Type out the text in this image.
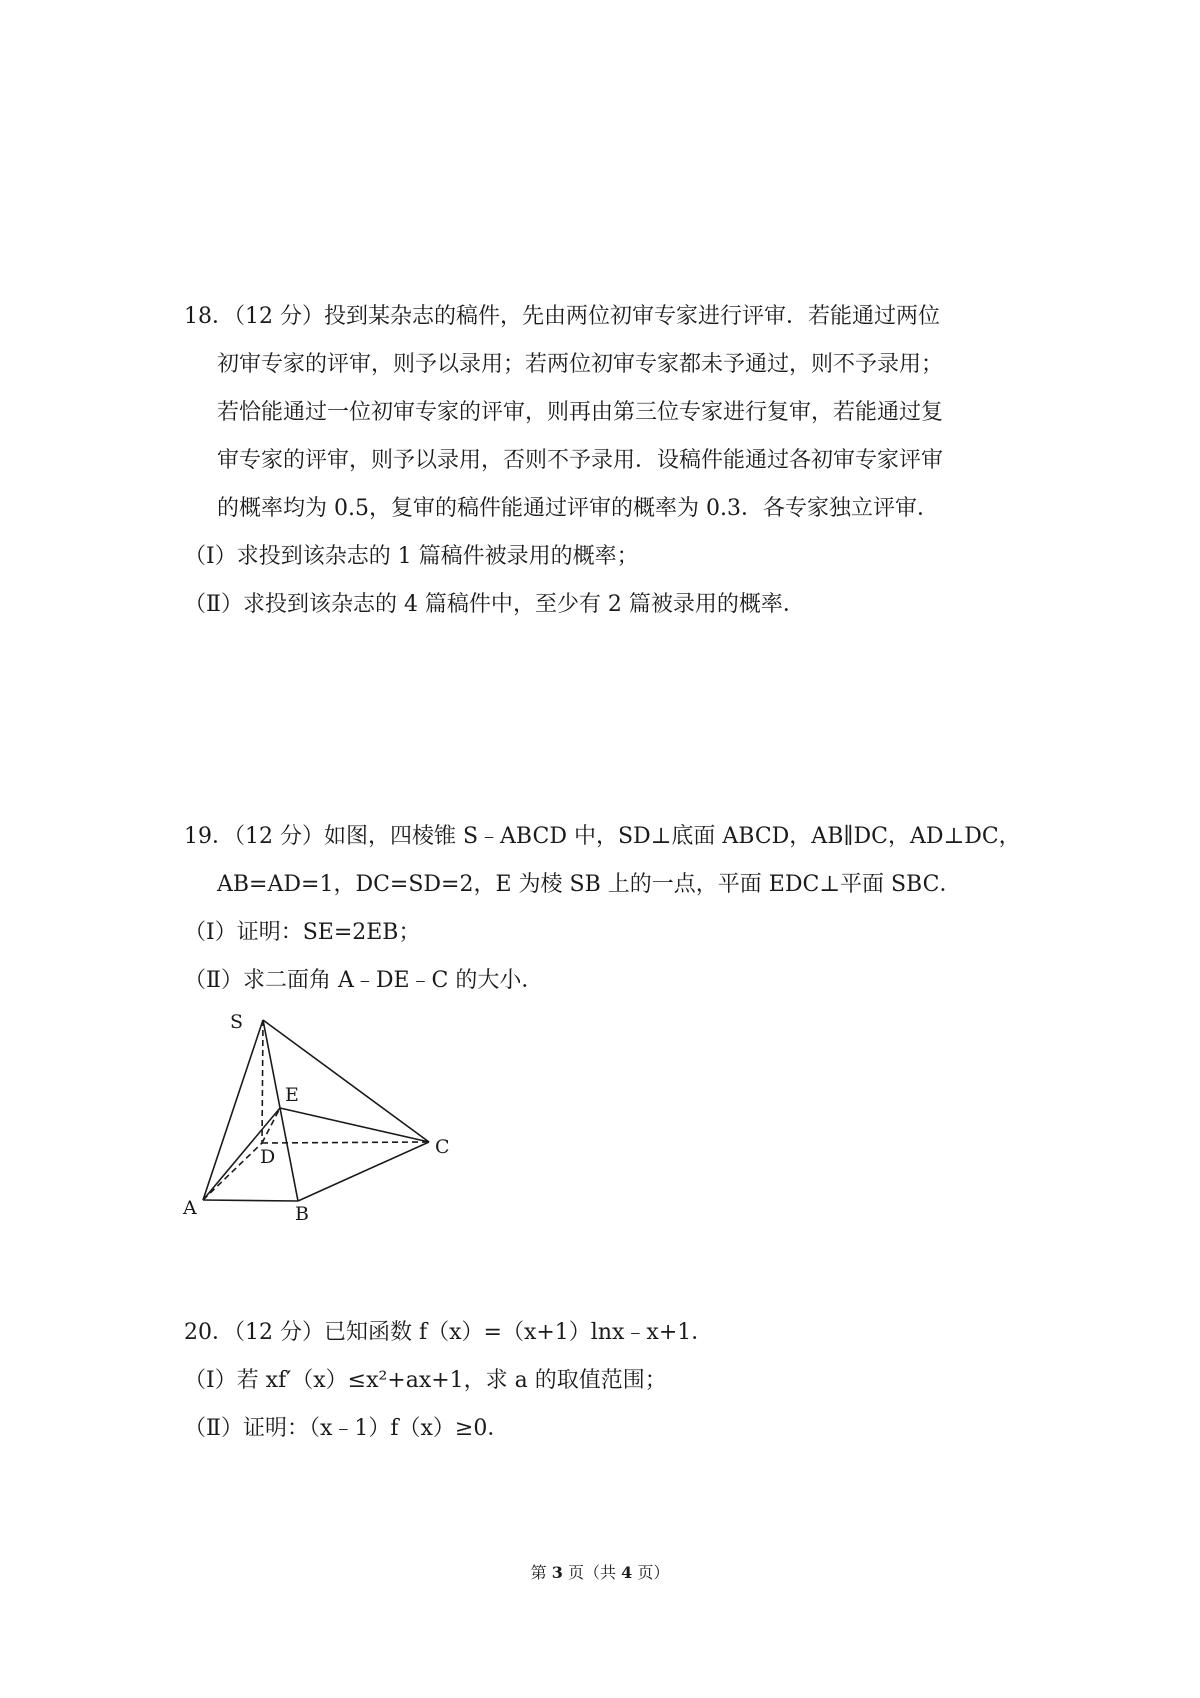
18．（12 分）投到某杂志的稿件，先由两位初审专家进行评审．若能通过两位
初审专家的评审，则予以录用；若两位初审专家都未予通过，则不予录用；
若恰能通过一位初审专家的评审，则再由第三位专家进行复审，若能通过复
审专家的评审，则予以录用，否则不予录用．设稿件能通过各初审专家评审
的概率均为 0.5，复审的稿件能通过评审的概率为 0.3．各专家独立评审．
（Ⅰ）求投到该杂志的 1 篇稿件被录用的概率；
（Ⅱ）求投到该杂志的 4 篇稿件中，至少有 2 篇被录用的概率．
19．（12 分）如图，四棱锥 S﹣ABCD 中，SD⊥底面 ABCD，AB∥DC，AD⊥DC，
AB=AD=1，DC=SD=2，E 为棱 SB 上的一点，平面 EDC⊥平面 SBC．
（Ⅰ）证明：SE=2EB；
（Ⅱ）求二面角 A﹣DE﹣C 的大小．
S
E
D	C
A	B
20．（12 分）已知函数 f（x）=（x+1）lnx﹣x+1．
（Ⅰ）若 xf′（x）≤x²+ax+1，求 a 的取值范围；
（Ⅱ）证明：（x﹣1）f（x）≥0．
第 3 页（共 4 页）
